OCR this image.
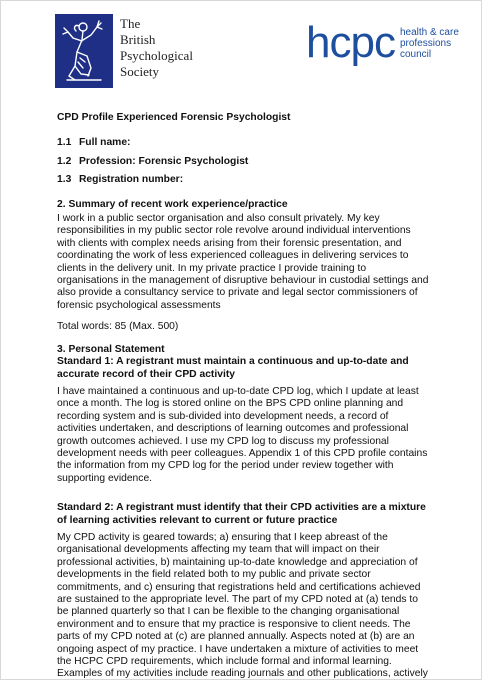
The
British
Psychological
Society
hcpc health & care
professions
council
CPD Profile Experienced Forensic Psychologist
1.1 Full name:
1.2 Profession: Forensic Psychologist
1.3 Registration number:
2. Summary of recent work experience/practice
I work in a public sector organisation and also consult privately. My key responsibilities in my public sector role revolve around individual interventions with clients with complex needs arising from their forensic presentation, and coordinating the work of less experienced colleagues in delivering services to clients in the delivery unit. In my private practice I provide training to organisations in the management of disruptive behaviour in custodial settings and also provide a consultancy service to private and legal sector commissioners of forensic psychological assessments
Total words: 85 (Max. 500)
3. Personal Statement
Standard 1: A registrant must maintain a continuous and up-to-date and accurate record of their CPD activity
I have maintained a continuous and up-to-date CPD log, which I update at least once a month. The log is stored online on the BPS CPD online planning and recording system and is sub-divided into development needs, a record of activities undertaken, and descriptions of learning outcomes and professional growth outcomes achieved. I use my CPD log to discuss my professional development needs with peer colleagues. Appendix 1 of this CPD profile contains the information from my CPD log for the period under review together with supporting evidence.
Standard 2: A registrant must identify that their CPD activities are a mixture of learning activities relevant to current or future practice
My CPD activity is geared towards; a) ensuring that I keep abreast of the organisational developments affecting my team that will impact on their professional activities, b) maintaining up-to-date knowledge and appreciation of developments in the field related both to my public and private sector commitments, and c) ensuring that registrations held and certifications achieved are sustained to the appropriate level. The part of my CPD noted at (a) tends to be planned quarterly so that I can be flexible to the changing organisational environment and to ensure that my practice is responsive to client needs. The parts of my CPD noted at (c) are planned annually. Aspects noted at (b) are an ongoing aspect of my practice. I have undertaken a mixture of activities to meet the HCPC CPD requirements, which include formal and informal learning. Examples of my activities include reading journals and other publications, actively
